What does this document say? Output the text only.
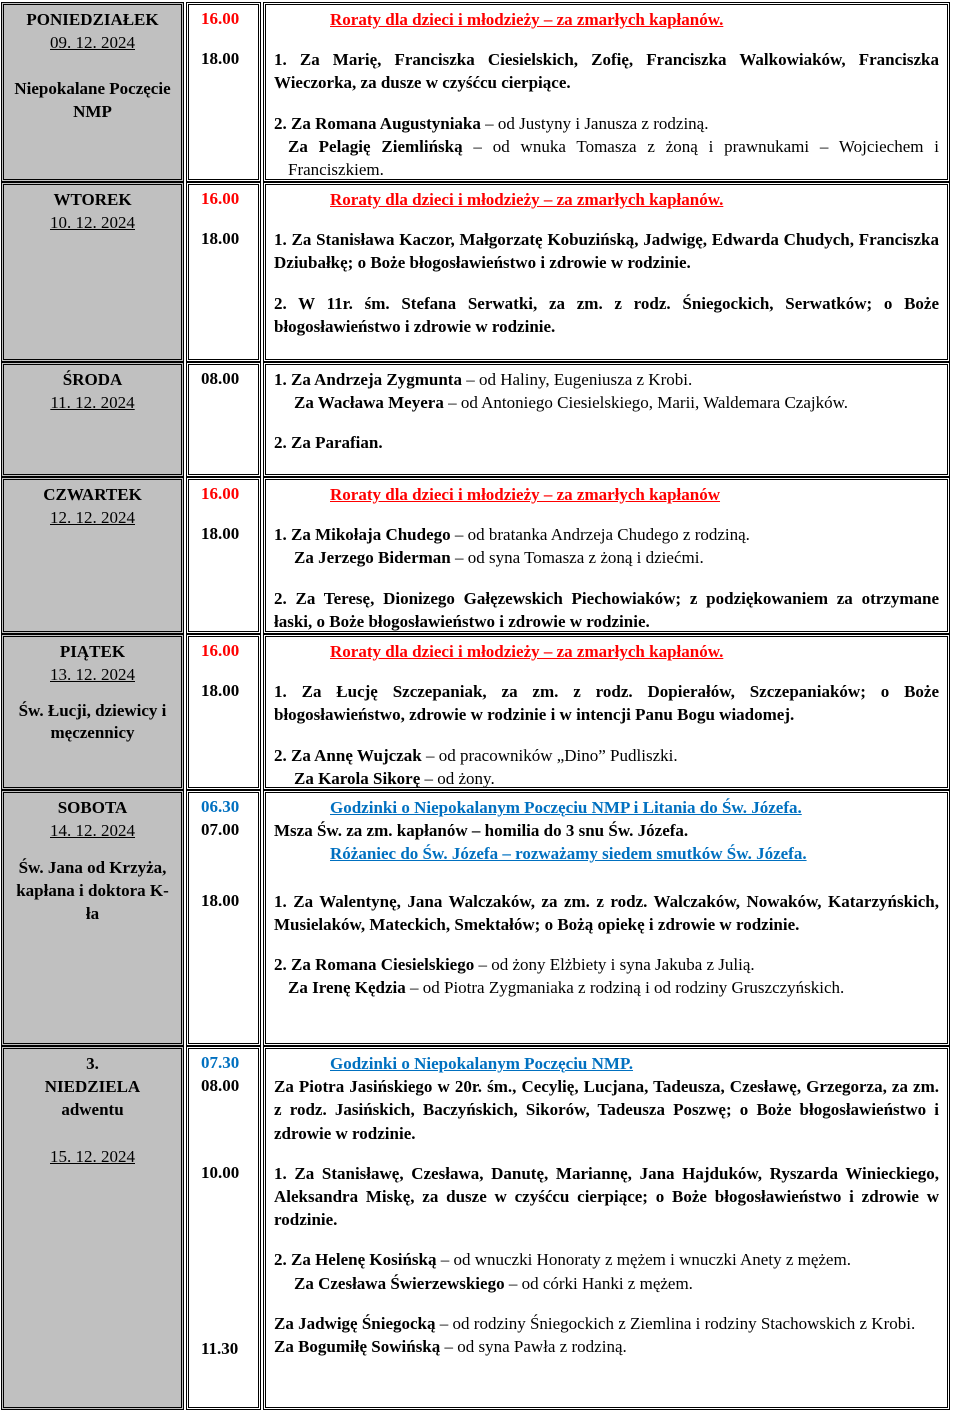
PONIEDZIAŁEK
09. 12. 2024
Niepokalane Poczęcie NMP
16.00
18.00

Roraty dla dzieci i młodzieży – za zmarłych kapłanów.

1. Za Marię, Franciszka Ciesielskich, Zofię, Franciszka Walkowiaków, Franciszka Wieczorka, za dusze w czyśćcu cierpiące.

2. Za Romana Augustyniaka – od Justyny i Janusza z rodziną.

Za Pelagię Ziemlińską – od wnuka Tomasza z żoną i prawnukami – Wojciechem i Franciszkiem.

WTOREK
10. 12. 2024
16.00
18.00

Roraty dla dzieci i młodzieży – za zmarłych kapłanów.

1. Za Stanisława Kaczor, Małgorzatę Kobuzińską, Jadwigę, Edwarda Chudych, Franciszka Dziubałkę; o Boże błogosławieństwo i zdrowie w rodzinie.

2. W 11r. śm. Stefana Serwatki, za zm. z rodz. Śniegockich, Serwatków; o Boże błogosławieństwo i zdrowie w rodzinie.

ŚRODA
11. 12. 2024
08.00 1. Za Andrzeja Zygmunta – od Haliny, Eugeniusza z Krobi.

Za Wacława Meyera – od Antoniego Ciesielskiego, Marii, Waldemara Czajków.

2. Za Parafian.

CZWARTEK
12. 12. 2024
16.00
18.00

Roraty dla dzieci i młodzieży – za zmarłych kapłanów

1. Za Mikołaja Chudego – od bratanka Andrzeja Chudego z rodziną.

Za Jerzego Biderman – od syna Tomasza z żoną i dziećmi.

2. Za Teresę, Dionizego Gałęzewskich Piechowiaków; z podziękowaniem za otrzymane łaski, o Boże błogosławieństwo i zdrowie w rodzinie.

PIĄTEK
13. 12. 2024
Św. Łucji, dziewicy i męczennicy
16.00
18.00

Roraty dla dzieci i młodzieży – za zmarłych kapłanów.

1. Za Łucję Szczepaniak, za zm. z rodz. Dopierałów, Szczepaniaków; o Boże błogosławieństwo, zdrowie w rodzinie i w intencji Panu Bogu wiadomej.

2. Za Annę Wujczak – od pracowników „Dino” Pudliszki.

Za Karola Sikorę – od żony.

SOBOTA
14. 12. 2024
Św. Jana od Krzyża, kapłana i doktora K-ła
06.30
07.00
18.00

Godzinki o Niepokalanym Poczęciu NMP i Litania do Św. Józefa.

Msza Św. za zm. kapłanów – homilia do 3 snu Św. Józefa.

Różaniec do Św. Józefa – rozważamy siedem smutków Św. Józefa.

1. Za Walentynę, Jana Walczaków, za zm. z rodz. Walczaków, Nowaków, Katarzyńskich, Musielaków, Mateckich, Smektałów; o Bożą opiekę i zdrowie w rodzinie.

2. Za Romana Ciesielskiego – od żony Elżbiety i syna Jakuba z Julią.

Za Irenę Kędzia – od Piotra Zygmaniaka z rodziną i od rodziny Gruszczyńskich.

3. NIEDZIELA adwentu
15. 12. 2024
07.30
08.00
10.00
11.30

Godzinki o Niepokalanym Poczęciu NMP.

Za Piotra Jasińskiego w 20r. śm., Cecylię, Lucjana, Tadeusza, Czesławę, Grzegorza, za zm. z rodz. Jasińskich, Baczyńskich, Sikorów, Tadeusza Poszwę; o Boże błogosławieństwo i zdrowie w rodzinie.

1. Za Stanisławę, Czesława, Danutę, Mariannę, Jana Hajduków, Ryszarda Winieckiego, Aleksandra Miskę, za dusze w czyśćcu cierpiące; o Boże błogosławieństwo i zdrowie w rodzinie.

2. Za Helenę Kosińską – od wnuczki Honoraty z mężem i wnuczki Anety z mężem.

Za Czesława Świerzewskiego – od córki Hanki z mężem.

Za Jadwigę Śniegocką – od rodziny Śniegockich z Ziemlina i rodziny Stachowskich z Krobi.

Za Bogumiłę Sowińską – od syna Pawła z rodziną.
